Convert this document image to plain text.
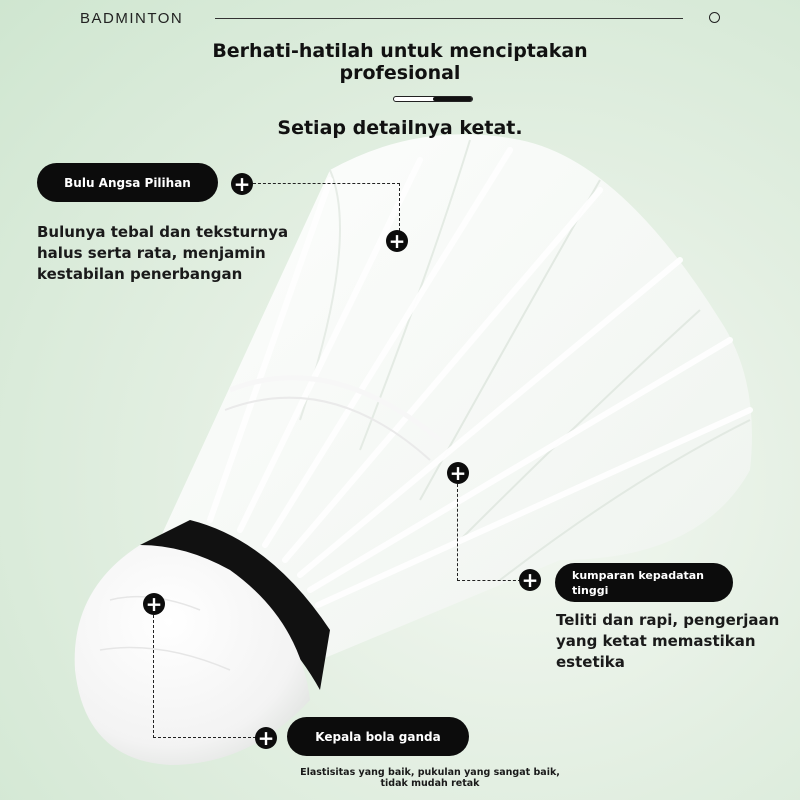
BADMINTON
Berhati-hatilah untuk menciptakan
profesional
Setiap detailnya ketat.
Bulu Angsa Pilihan	+
+
Bulunya tebal dan teksturnya halus serta rata, menjamin kestabilan penerbangan
+
+	kumparan kepadatan tinggi
Teliti dan rapi, pengerjaan yang ketat memastikan estetika
+
+	Kepala bola ganda
Elastisitas yang baik, pukulan yang sangat baik, tidak mudah retak
